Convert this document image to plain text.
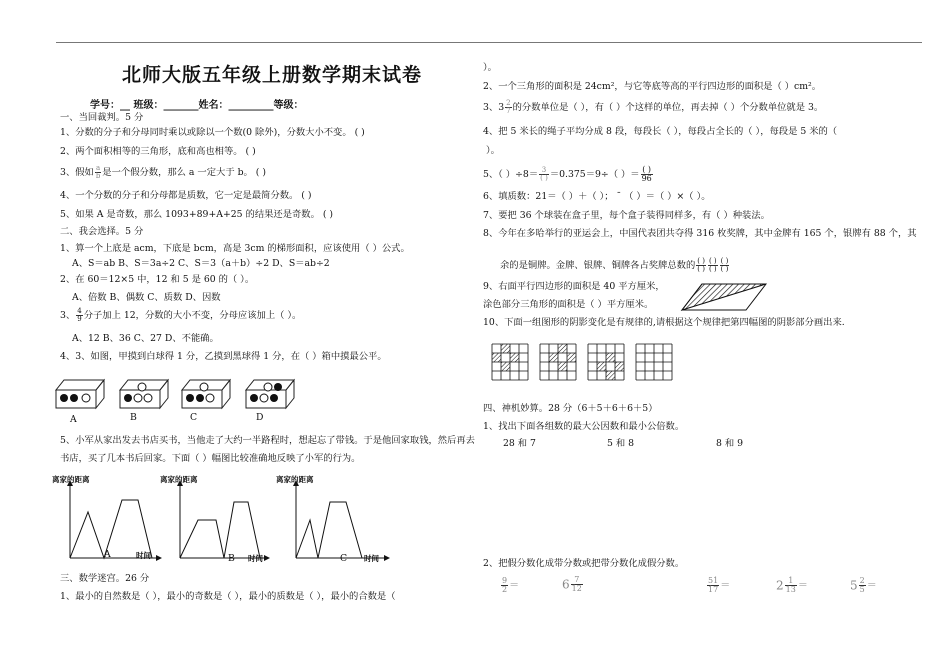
北师大版五年级上册数学期末试卷
学号：__ 班级：_______姓名：_________等级：
一、当回裁判。5 分
1、分数的分子和分母同时乘以或除以一个数(0 除外)，分数大小不变。 ( )
2、两个面积相等的三角形，底和高也相等。 ( )
3、假如 $\frac{a}{b}$ 是一个假分数，那么 a 一定大于 b。 ( )
4、一个分数的分子和分母都是质数，它一定是最简分数。 ( )
5、如果 A 是奇数，那么 1093+89+A+25 的结果还是奇数。 ( )
二、我会选择。5 分
1、算一个上底是 acm，下底是 bcm，高是 3cm 的梯形面积，应该使用（ ）公式。
A、S＝ab B、S＝3a÷2 C、S＝3（a＋b）÷2 D、S＝ab÷2
2、在 60＝12×5 中，12 和 5 是 60 的（ ）。
A、倍数 B、偶数 C、质数 D、因数
3、 $\frac{4}{9}$ 分子加上 12，分数的大小不变，分母应该加上（ ）。
A、12 B、36 C、27 D、不能确。
4、3、如图，甲摸到白球得 1 分，乙摸到黑球得 1 分，在（ ）箱中摸最公平。
A	B	C	D
5、小军从家出发去书店买书，当他走了大约一半路程时，想起忘了带钱。于是他回家取钱，然后再去
书店，买了几本书后回家。下面（ ）幅图比较准确地反映了小军的行为。
离家的距离	离家的距离	离家的距离
时间	时间	时间
A	B	C
三、数学迷宫。26 分
1、最小的自然数是（ ），最小的奇数是（ ），最小的质数是（ ），最小的合数是（
）。
2、一个三角形的面积是 24cm²，与它等底等高的平行四边形的面积是（ ）cm²。
3、$3 \frac{2}{7}$ 的分数单位是（ ），有（ ）个这样的单位，再去掉（ ）个分数单位就是 3。
4、把 5 米长的绳子平均分成 8 段，每段长（ ），每段占全长的（ ），每段是 5 米的（
）。
5、（ ）$\div 8= \frac{3}{( )} =0.375=9\div$（ ）＝ $\frac{( )}{96}$
6、填质数：21＝（ ）＋（ ）； ¯ （ ）＝（ ）×（ ）。
7、要把 36 个球装在盒子里，每个盒子装得同样多，有（ ）种装法。
8、今年在多哈举行的亚运会上，中国代表团共夺得 316 枚奖牌，其中金牌有 165 个，银牌有 88 个，其
余的是铜牌。金牌、银牌、铜牌各占奖牌总数的 $\frac{( )}{( )} \frac{( )}{( )} \frac{( )}{( )}$
9、右面平行四边形的面积是 40 平方厘米，
涂色部分三角形的面积是（ ）平方厘米。
10、下面一组图形的阴影变化是有规律的,请根据这个规律把第四幅图的阴影部分画出来.
四、神机妙算。28 分（6＋5＋6＋6＋5）
1、找出下面各组数的最大公因数和最小公倍数。
28 和 7	5 和 8	8 和 9
2、把假分数化成带分数或把带分数化成假分数。
$\frac{9}{2}$ ＝	$6 \frac{7}{12}$	$\frac{51}{17}$ ＝	$2 \frac{1}{13}$ ＝	$5 \frac{2}{5}$ ＝
